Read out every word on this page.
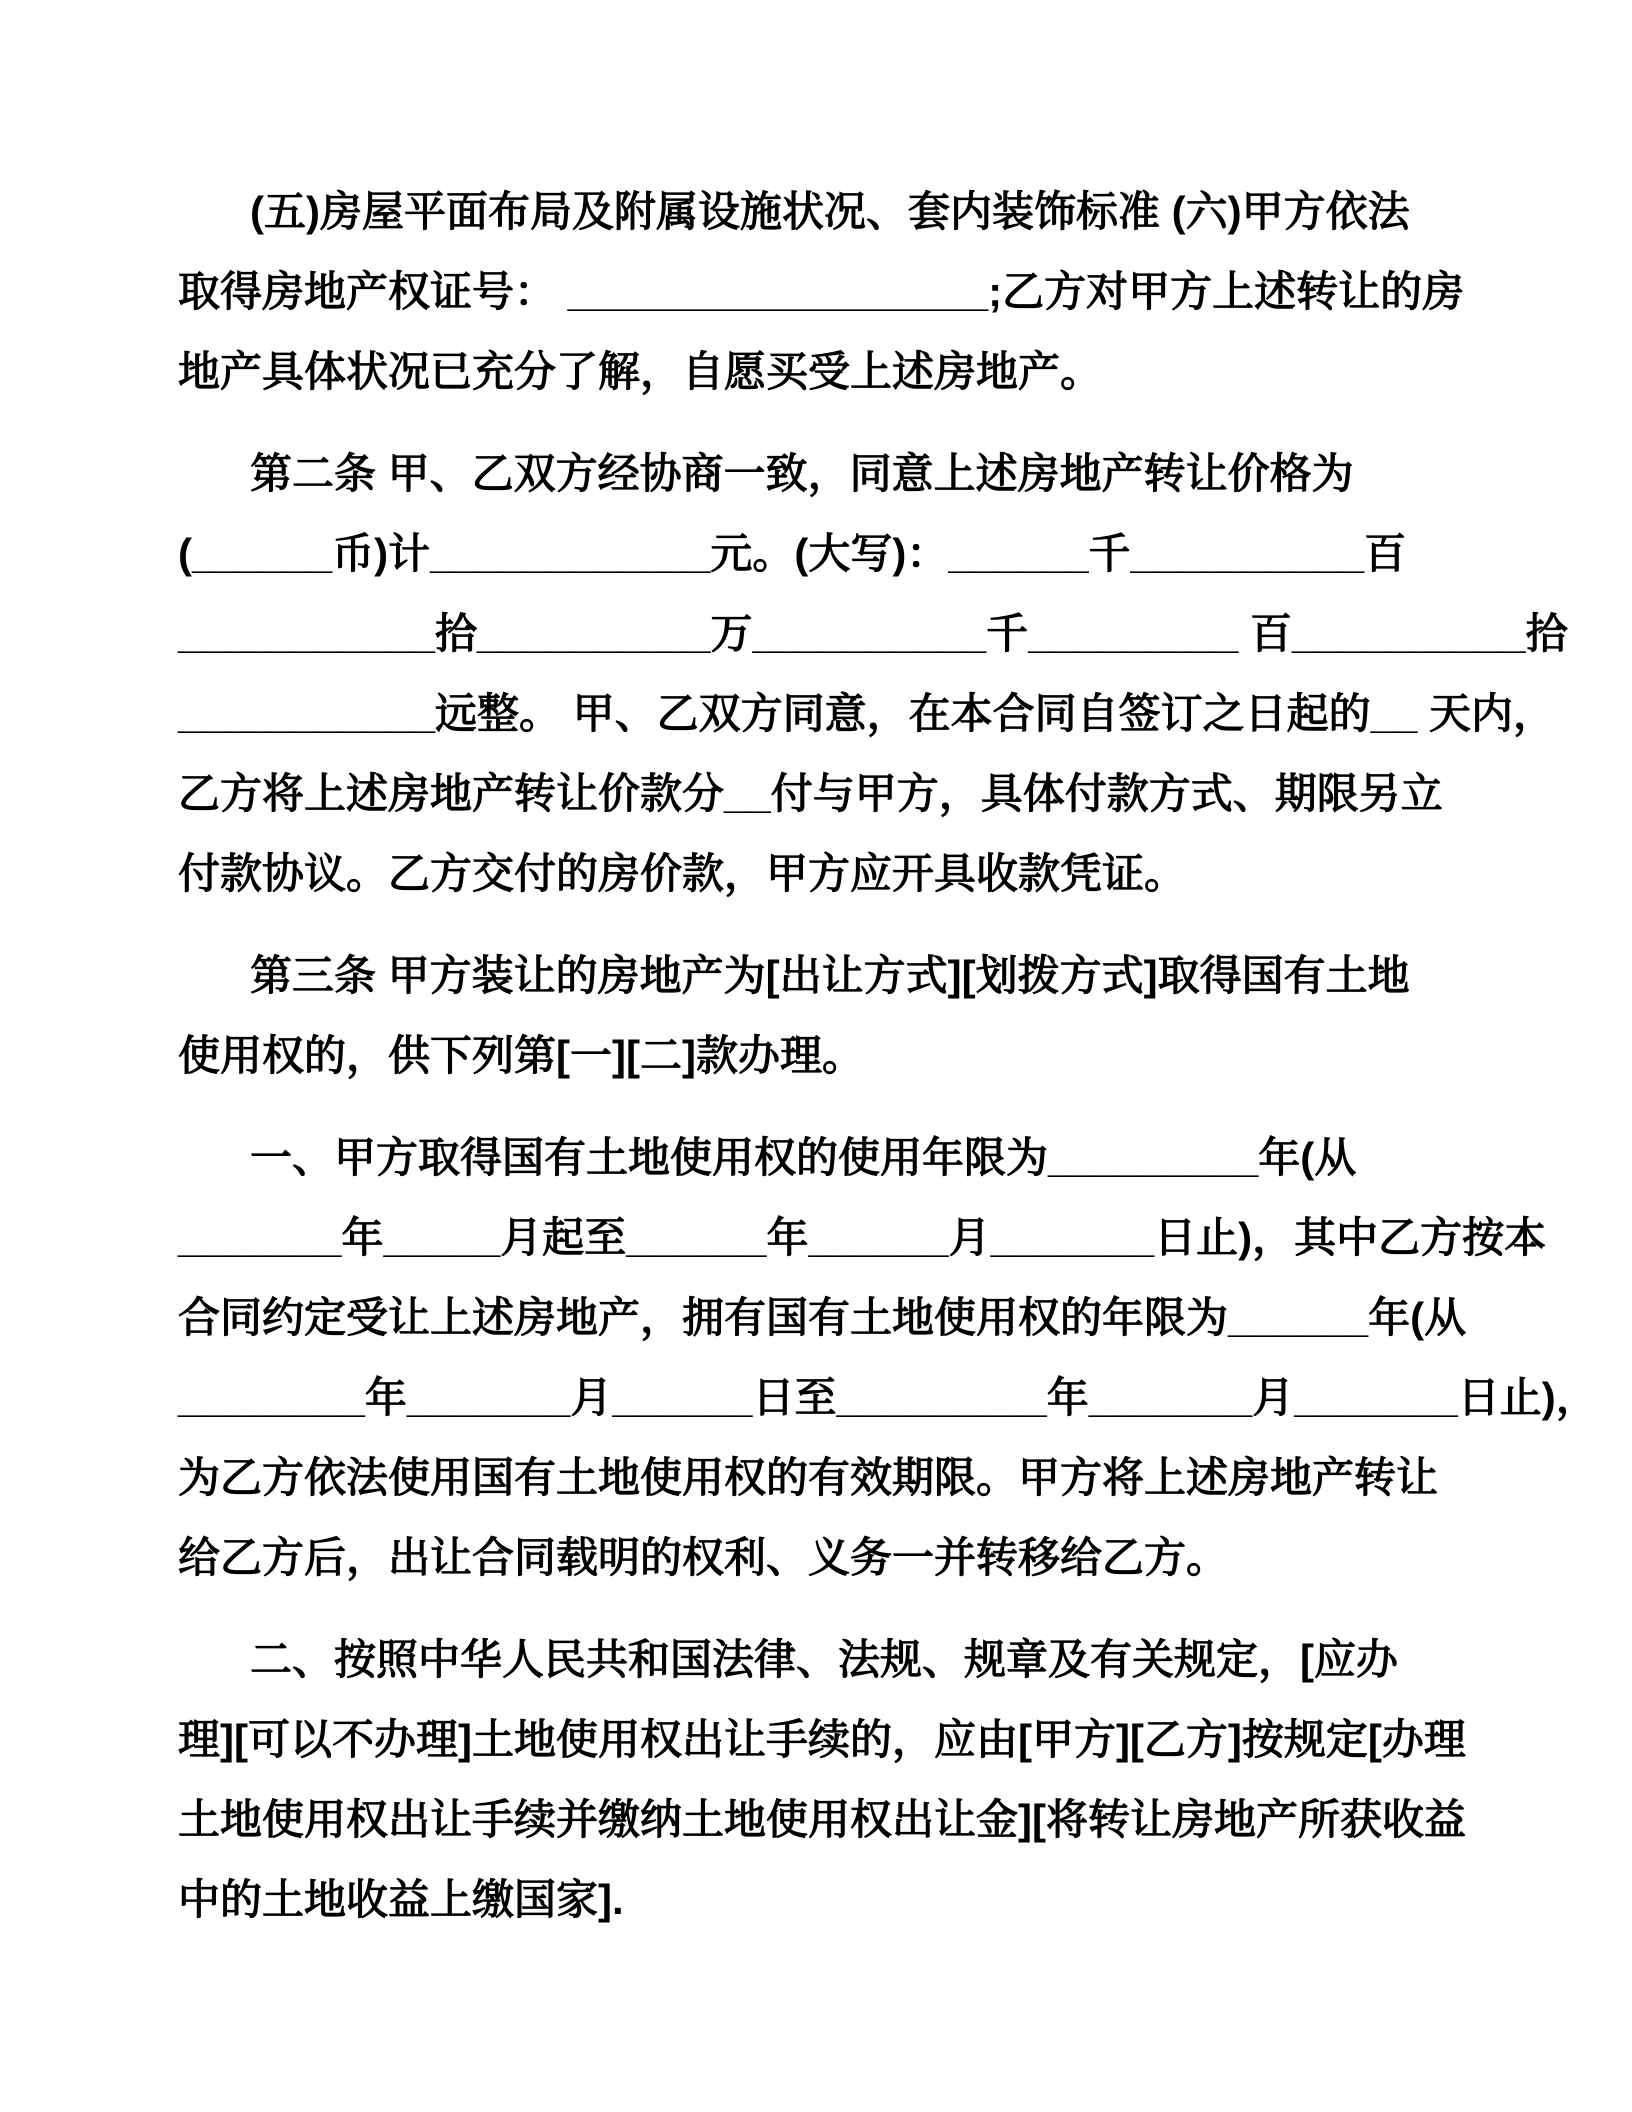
(五)房屋平面布局及附属设施状况、套内装饰标准 (六)甲方依法
取得房地产权证号： __________________;乙方对甲方上述转让的房
地产具体状况已充分了解，自愿买受上述房地产。

第二条 甲、乙双方经协商一致，同意上述房地产转让价格为
(______币)计____________元。(大写)：______千__________百
___________拾__________万__________千_________ 百__________拾
___________远整。 甲、乙双方同意，在本合同自签订之日起的__ 天内，
乙方将上述房地产转让价款分__付与甲方，具体付款方式、期限另立
付款协议。乙方交付的房价款，甲方应开具收款凭证。

第三条 甲方装让的房地产为[出让方式][划拨方式]取得国有土地
使用权的，供下列第[一][二]款办理。

一、甲方取得国有土地使用权的使用年限为_________年(从
_______年_____月起至______年______月_______日止)，其中乙方按本
合同约定受让上述房地产，拥有国有土地使用权的年限为______年(从
________年_______月______日至_________年_______月_______日止)，
为乙方依法使用国有土地使用权的有效期限。甲方将上述房地产转让
给乙方后，出让合同载明的权利、义务一并转移给乙方。

二、按照中华人民共和国法律、法规、规章及有关规定，[应办
理][可以不办理]土地使用权出让手续的，应由[甲方][乙方]按规定[办理
土地使用权出让手续并缴纳土地使用权出让金][将转让房地产所获收益
中的土地收益上缴国家].
